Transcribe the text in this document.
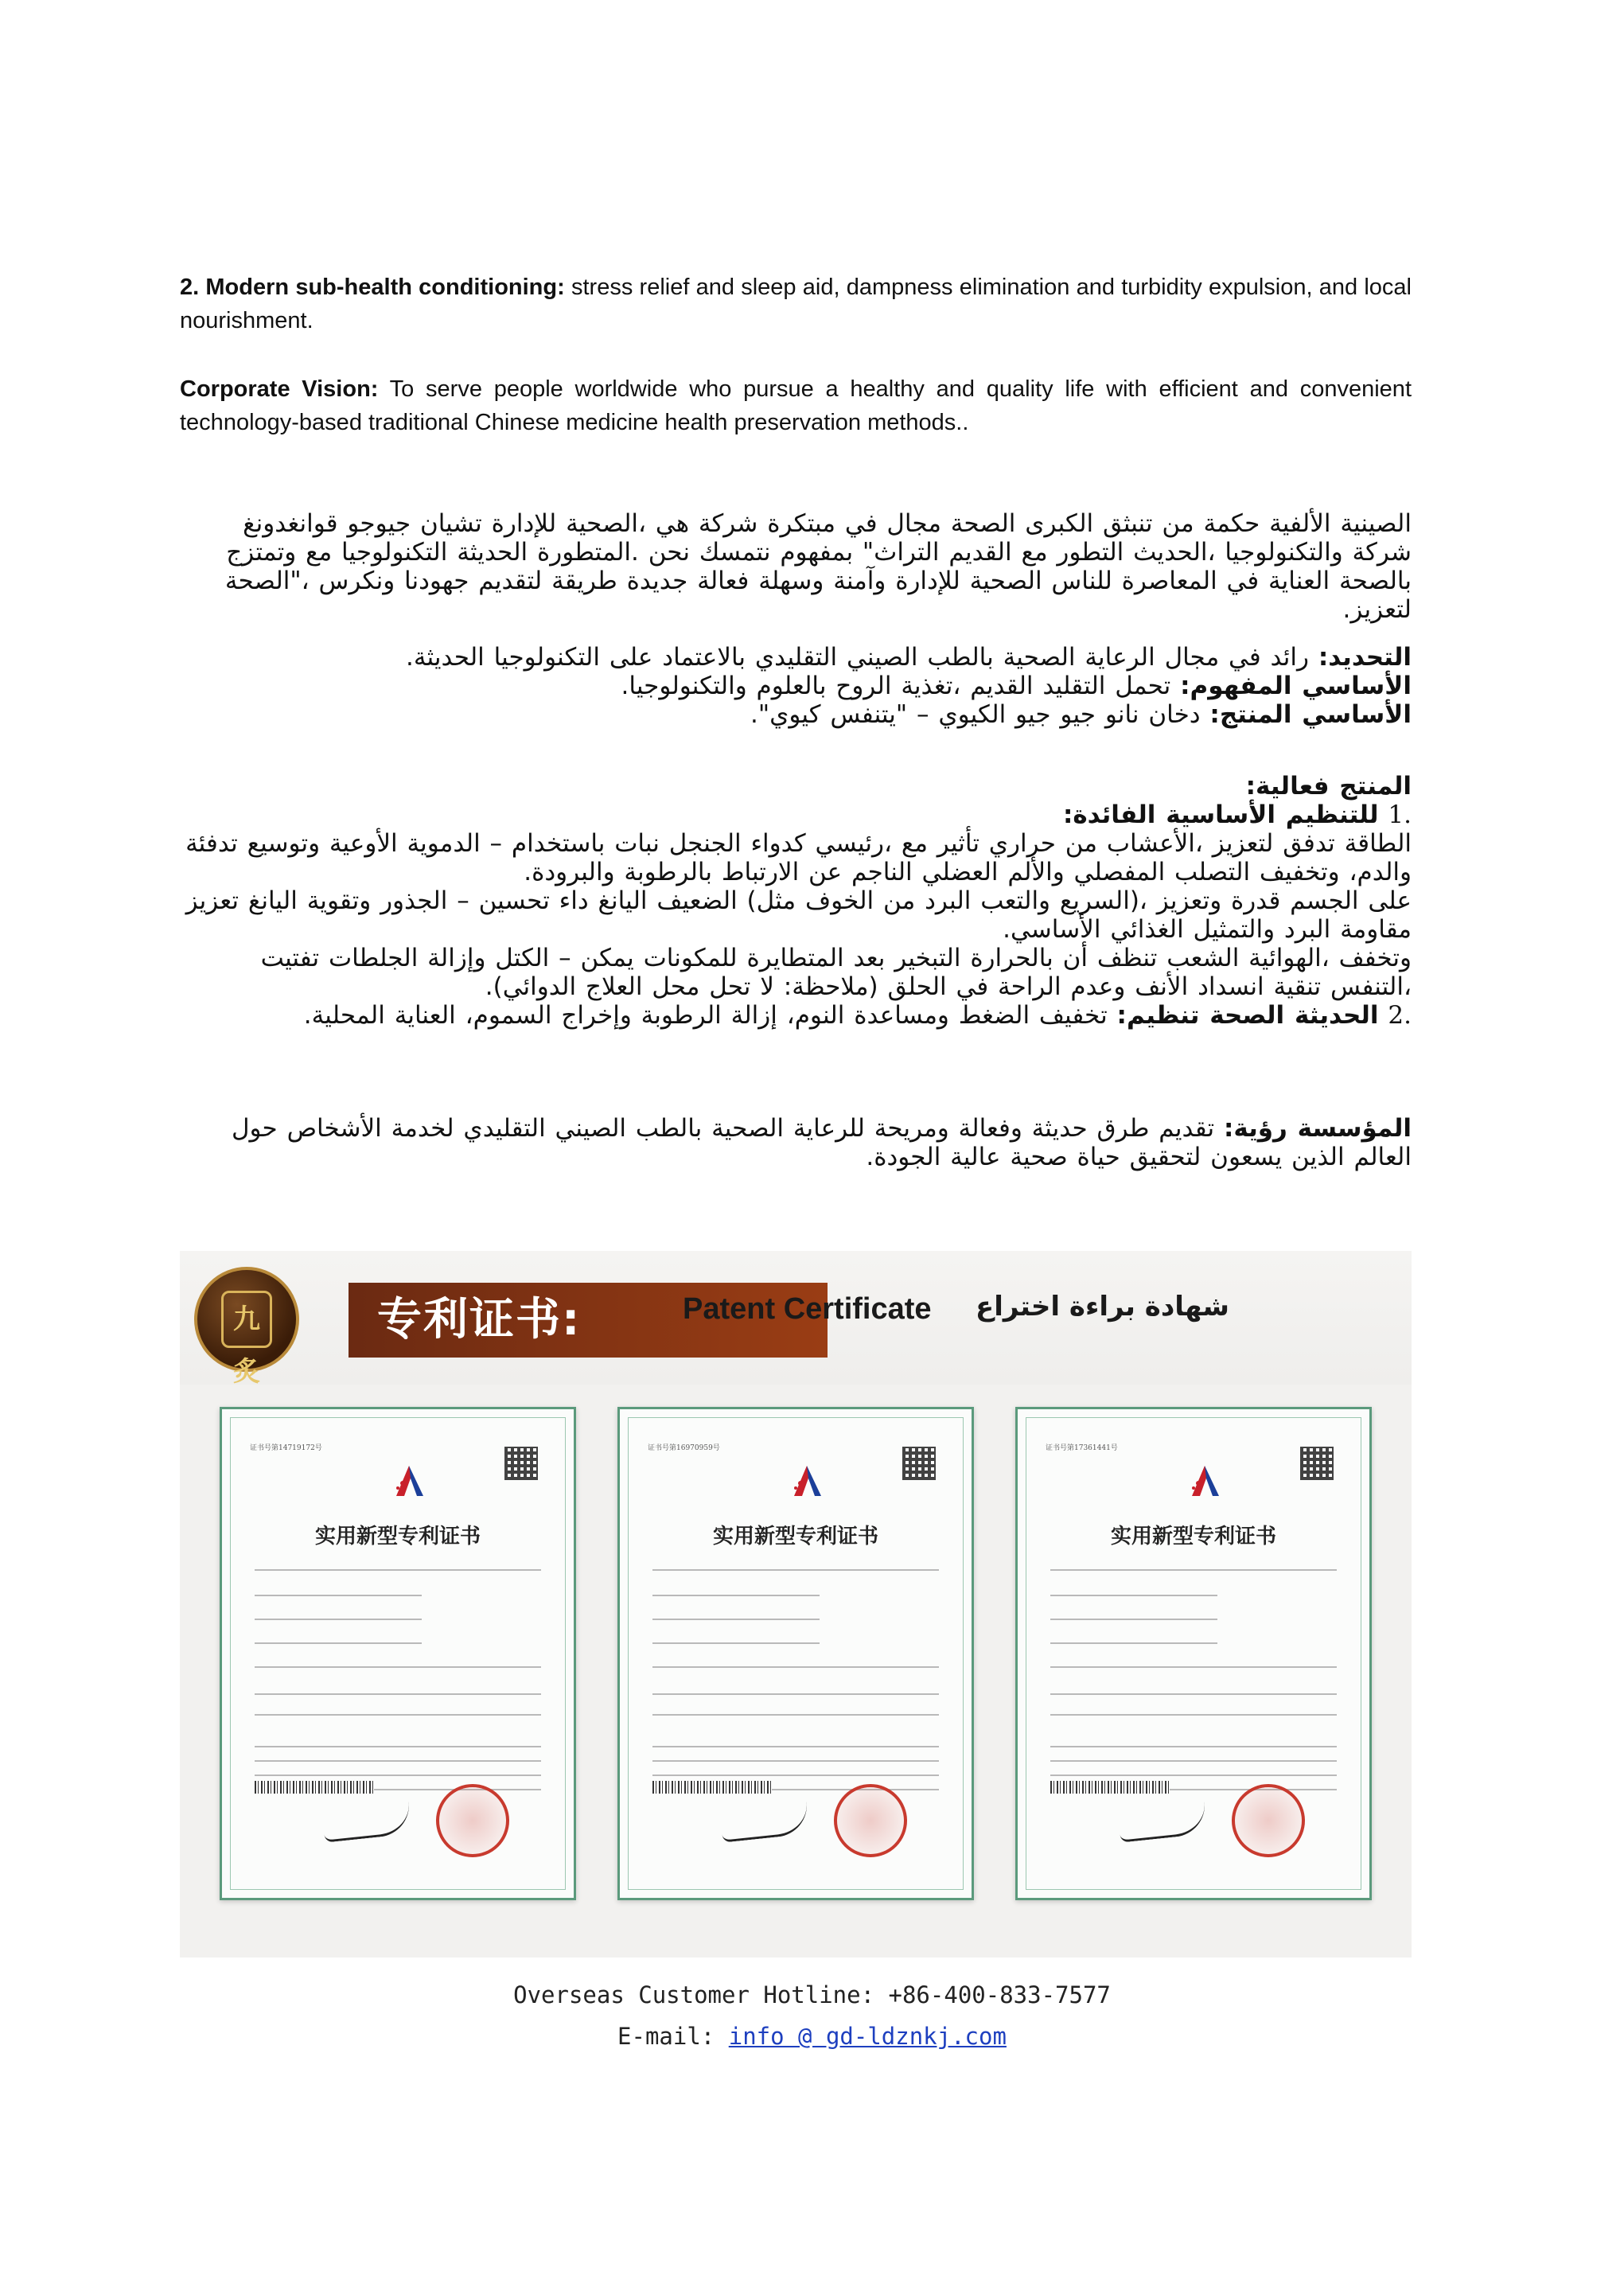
2. Modern sub-health conditioning: stress relief and sleep aid, dampness elimination and turbidity expulsion, and local nourishment.
Corporate Vision: To serve people worldwide who pursue a healthy and quality life with efficient and convenient technology-based traditional Chinese medicine health preservation methods..

الصينية الألفية حكمة من تنبثق الكبرى الصحة مجال في مبتكرة شركة هي ،الصحية للإدارة تشيان جيوجو قوانغدونغ شركة والتكنولوجيا ،الحديث التطور مع القديم التراث" بمفهوم نتمسك نحن .المتطورة الحديثة التكنولوجيا مع وتمتزج بالصحة العناية في المعاصرة للناس الصحية للإدارة وآمنة وسهلة فعالة جديدة طريقة لتقديم جهودنا ونكرس ،"الصحة لتعزيز.

التحديد: رائد في مجال الرعاية الصحية بالطب الصيني التقليدي بالاعتماد على التكنولوجيا الحديثة.

الأساسي المفهوم: تحمل التقليد القديم ،تغذية الروح بالعلوم والتكنولوجيا.

الأساسي المنتج: دخان نانو جيو جيو الكيوي – "يتنفس كيوي".

المنتج فعالية:

1. للتنظيم الأساسية الفائدة:

الطاقة تدفق لتعزيز ،الأعشاب من حراري تأثير مع ،رئيسي كدواء الجنجل نبات باستخدام – الدموية الأوعية وتوسيع تدفئة والدم، وتخفيف التصلب المفصلي والألم العضلي الناجم عن الارتباط بالرطوبة والبرودة.

على الجسم قدرة وتعزيز ،(السريع والتعب البرد من الخوف مثل) الضعيف اليانغ داء تحسين – الجذور وتقوية اليانغ تعزيز مقاومة البرد والتمثيل الغذائي الأساسي.

وتخفف ،الهوائية الشعب تنظف أن بالحرارة التبخير بعد المتطايرة للمكونات يمكن – الكتل وإزالة الجلطات تفتيت ،التنفس تنقية انسداد الأنف وعدم الراحة في الحلق (ملاحظة: لا تحل محل العلاج الدوائي).

2. الحديثة الصحة تنظيم: تخفيف الضغط ومساعدة النوم، إزالة الرطوبة وإخراج السموم، العناية المحلية.

المؤسسة رؤية: تقديم طرق حديثة وفعالة ومريحة للرعاية الصحية بالطب الصيني التقليدي لخدمة الأشخاص حول العالم الذين يسعون لتحقيق حياة صحية عالية الجودة.

九炙
专利证书:	Patent Certificate شهادة براءة اختراع
证书号第14719172号
实用新型专利证书
证书号第16970959号
实用新型专利证书
证书号第17361441号
实用新型专利证书
Overseas Customer Hotline: +86-400-833-7577
E-mail: info @ gd-ldznkj.com
